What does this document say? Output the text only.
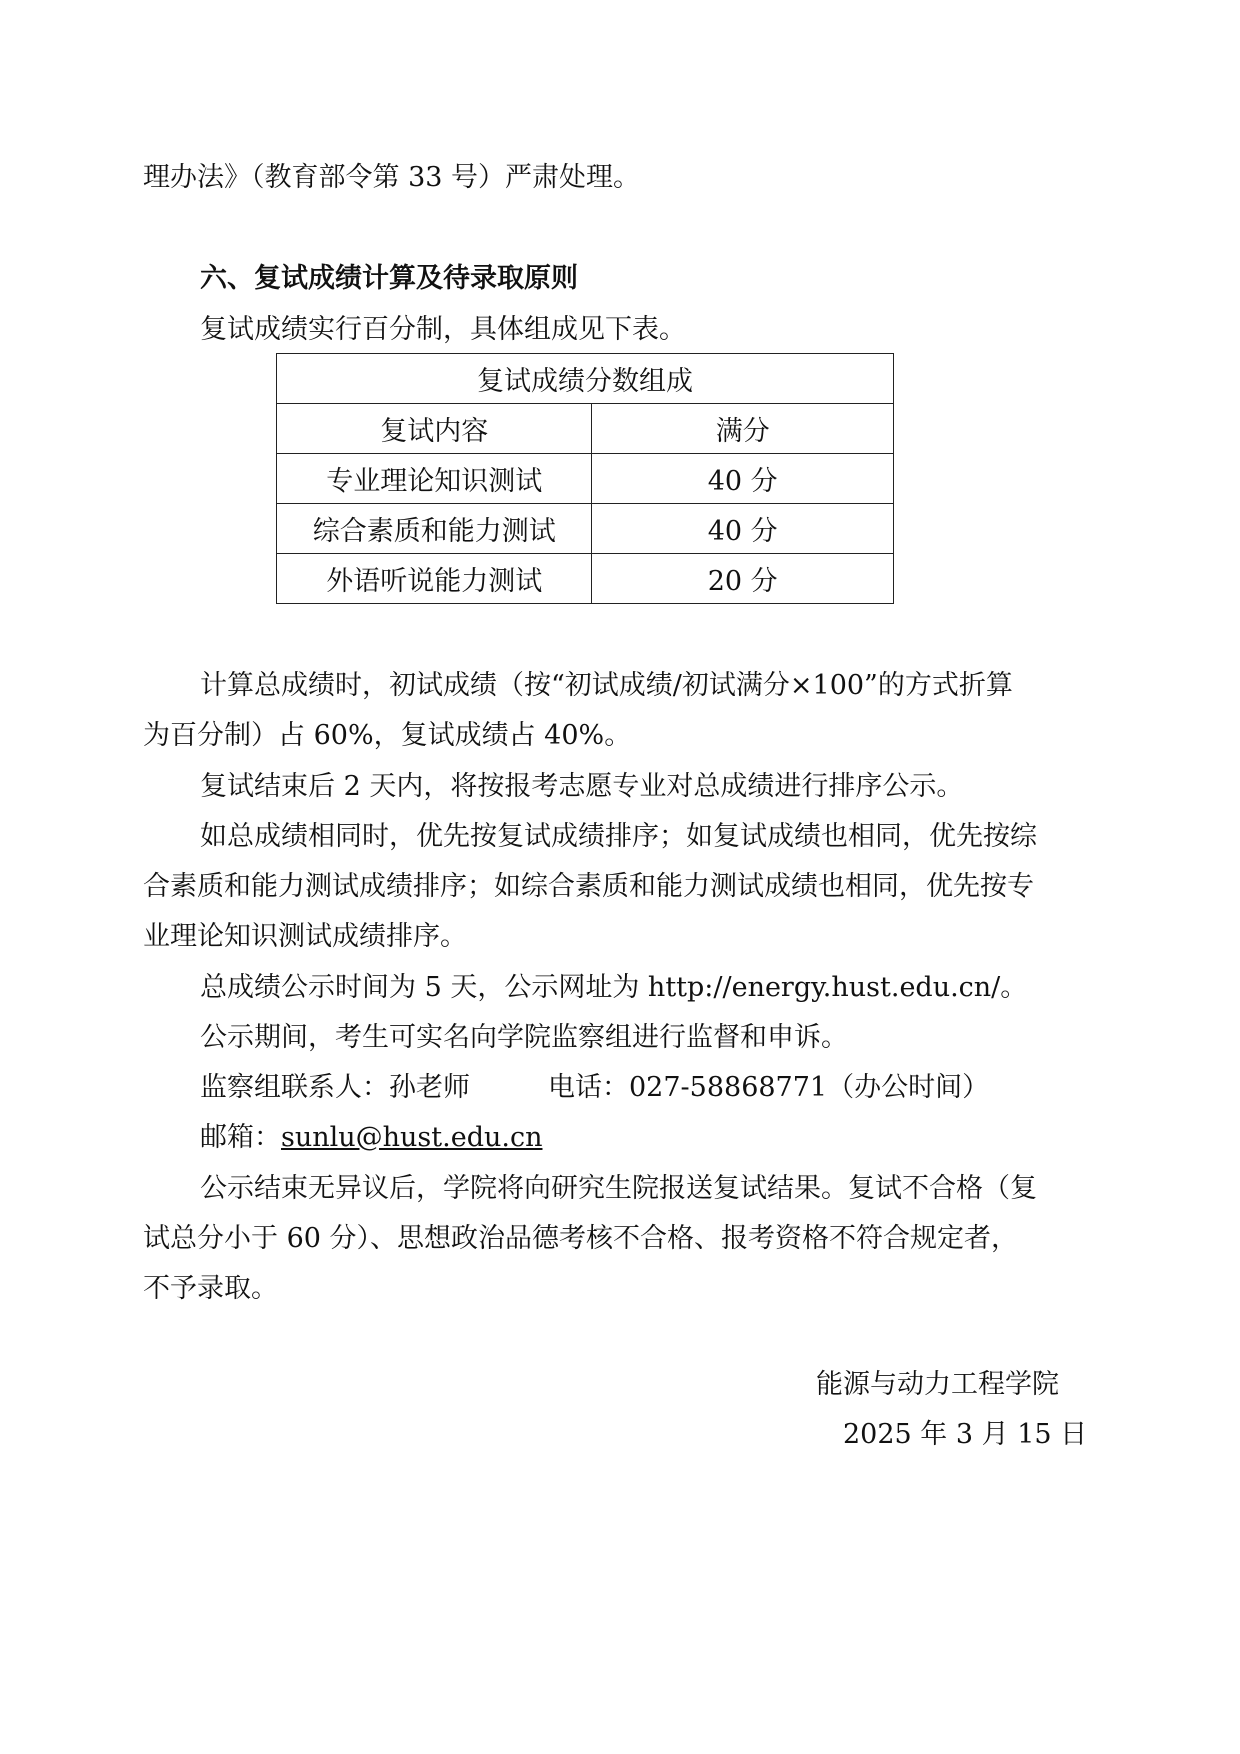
理办法》（教育部令第 33 号）严肃处理。
六、复试成绩计算及待录取原则
复试成绩实行百分制，具体组成见下表。
复试成绩分数组成	
复试内容	满分
专业理论知识测试	40 分
综合素质和能力测试	40 分
外语听说能力测试	20 分
计算总成绩时，初试成绩（按“初试成绩/初试满分×100”的方式折算
为百分制）占 60%，复试成绩占 40%。
复试结束后 2 天内，将按报考志愿专业对总成绩进行排序公示。
如总成绩相同时，优先按复试成绩排序；如复试成绩也相同，优先按综
合素质和能力测试成绩排序；如综合素质和能力测试成绩也相同，优先按专
业理论知识测试成绩排序。
总成绩公示时间为 5 天，公示网址为 http://energy.hust.edu.cn/。
公示期间，考生可实名向学院监察组进行监督和申诉。
监察组联系人：孙老师	电话：027-58868771（办公时间）
邮箱：sunlu@hust.edu.cn
公示结束无异议后，学院将向研究生院报送复试结果。复试不合格（复
试总分小于 60 分）、思想政治品德考核不合格、报考资格不符合规定者，
不予录取。
能源与动力工程学院
2025 年 3 月 15 日
